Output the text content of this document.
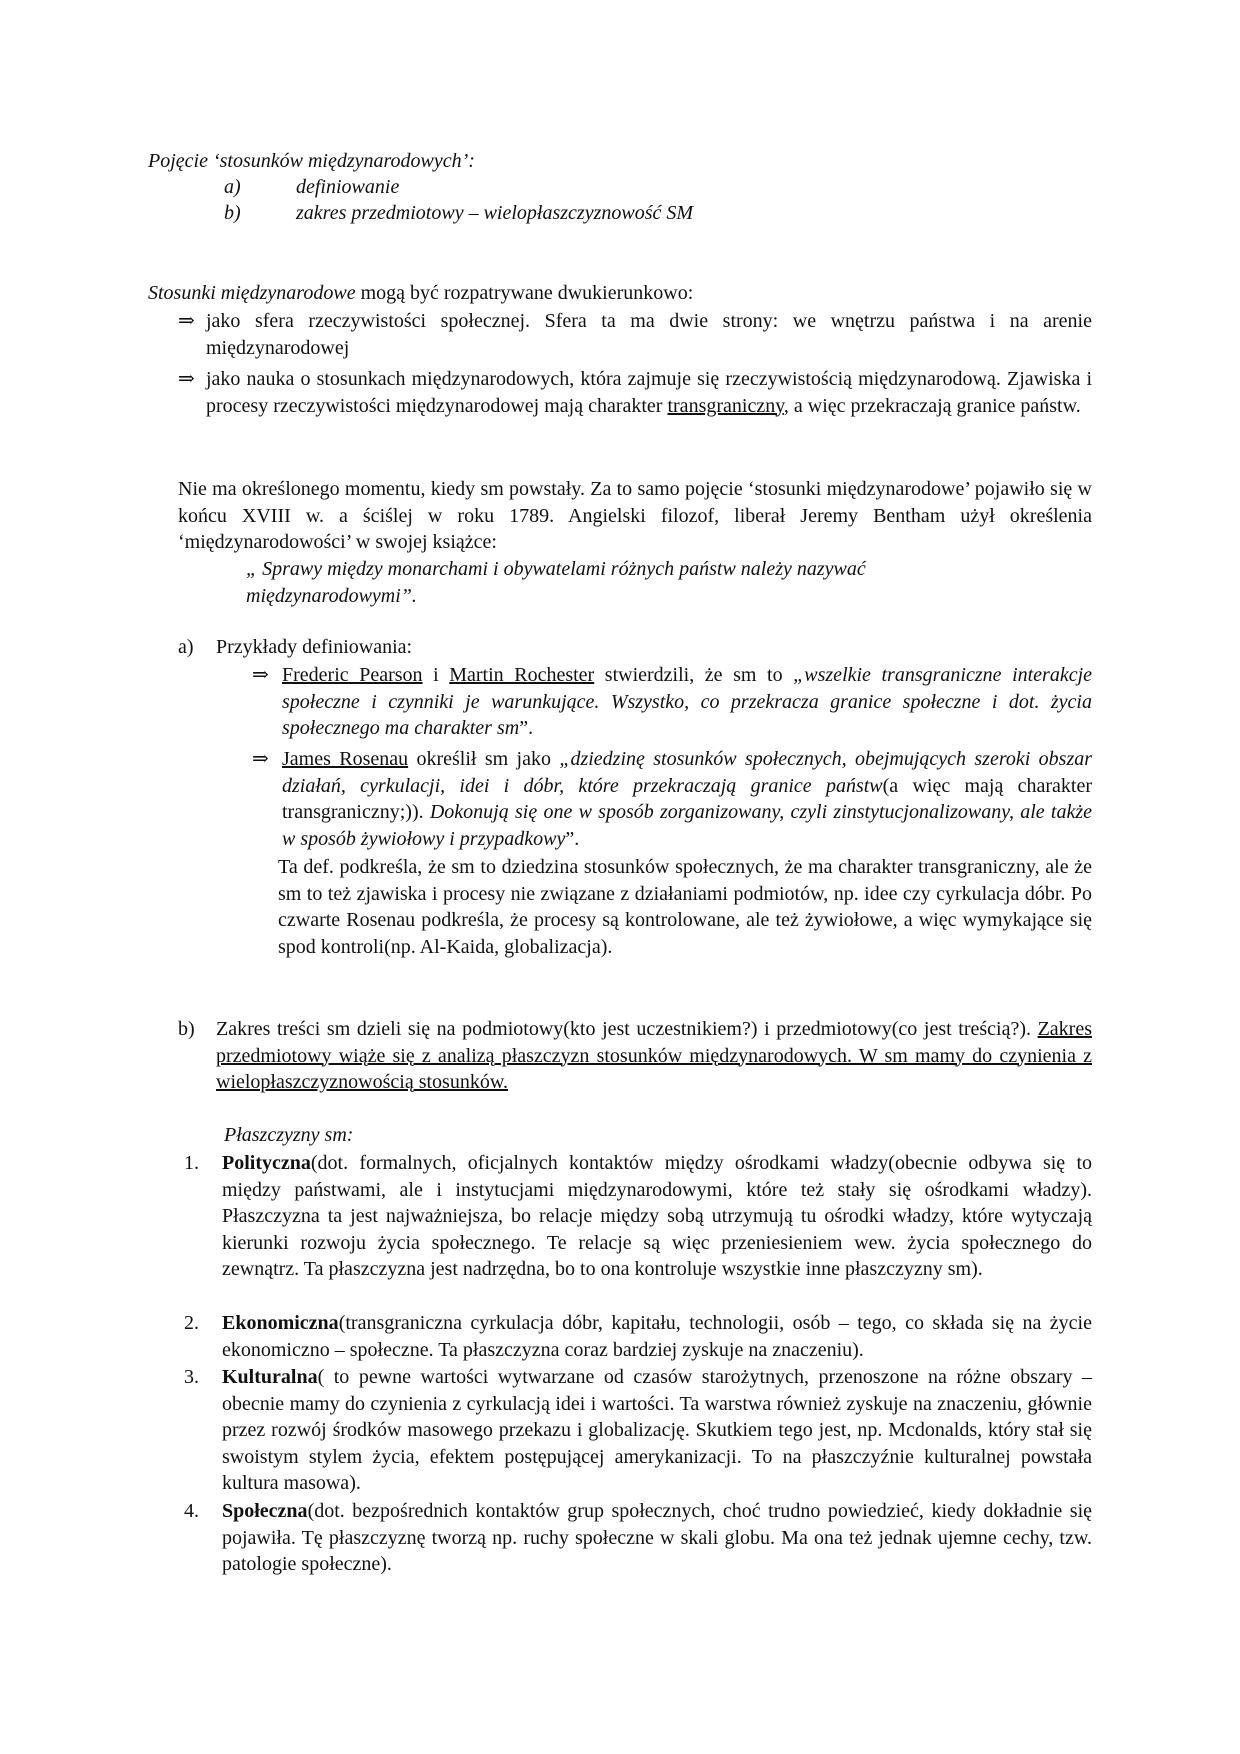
Pojęcie ‘stosunków międzynarodowych’:

a)	definiowanie
b)	zakres przedmiotowy – wielopłaszczyznowość SM

Stosunki międzynarodowe mogą być rozpatrywane dwukierunkowo:

⇒ jako sfera rzeczywistości społecznej. Sfera ta ma dwie strony: we wnętrzu państwa i na arenie międzynarodowej

⇒ jako nauka o stosunkach międzynarodowych, która zajmuje się rzeczywistością międzynarodową. Zjawiska i procesy rzeczywistości międzynarodowej mają charakter transgraniczny, a więc przekraczają granice państw.

Nie ma określonego momentu, kiedy sm powstały. Za to samo pojęcie ‘stosunki międzynarodowe’ pojawiło się w końcu XVIII w. a ściślej w roku 1789. Angielski filozof, liberał Jeremy Bentham użył określenia ‘międzynarodowości’ w swojej książce:

„ Sprawy między monarchami i obywatelami różnych państw należy nazywać międzynarodowymi”.

a) Przykłady definiowania:
⇒ Frederic Pearson i Martin Rochester stwierdzili, że sm to „wszelkie transgraniczne interakcje społeczne i czynniki je warunkujące. Wszystko, co przekracza granice społeczne i dot. życia społecznego ma charakter sm”.

⇒ James Rosenau określił sm jako „dziedzinę stosunków społecznych, obejmujących szeroki obszar działań, cyrkulacji, idei i dóbr, które przekraczają granice państw(a więc mają charakter transgraniczny;)). Dokonują się one w sposób zorganizowany, czyli zinstytucjonalizowany, ale także w sposób żywiołowy i przypadkowy”.

Ta def. podkreśla, że sm to dziedzina stosunków społecznych, że ma charakter transgraniczny, ale że sm to też zjawiska i procesy nie związane z działaniami podmiotów, np. idee czy cyrkulacja dóbr. Po czwarte Rosenau podkreśla, że procesy są kontrolowane, ale też żywiołowe, a więc wymykające się spod kontroli(np. Al-Kaida, globalizacja).

b) Zakres treści sm dzieli się na podmiotowy(kto jest uczestnikiem?) i przedmiotowy(co jest treścią?). Zakres przedmiotowy wiąże się z analizą płaszczyzn stosunków międzynarodowych. W sm mamy do czynienia z wielopłaszczyznowością stosunków.

Płaszczyzny sm:

1. Polityczna(dot. formalnych, oficjalnych kontaktów między ośrodkami władzy(obecnie odbywa się to między państwami, ale i instytucjami międzynarodowymi, które też stały się ośrodkami władzy). Płaszczyzna ta jest najważniejsza, bo relacje między sobą utrzymują tu ośrodki władzy, które wytyczają kierunki rozwoju życia społecznego. Te relacje są więc przeniesieniem wew. życia społecznego do zewnątrz. Ta płaszczyzna jest nadrzędna, bo to ona kontroluje wszystkie inne płaszczyzny sm).

2. Ekonomiczna(transgraniczna cyrkulacja dóbr, kapitału, technologii, osób – tego, co składa się na życie ekonomiczno – społeczne. Ta płaszczyzna coraz bardziej zyskuje na znaczeniu).

3. Kulturalna( to pewne wartości wytwarzane od czasów starożytnych, przenoszone na różne obszary – obecnie mamy do czynienia z cyrkulacją idei i wartości. Ta warstwa również zyskuje na znaczeniu, głównie przez rozwój środków masowego przekazu i globalizację. Skutkiem tego jest, np. Mcdonalds, który stał się swoistym stylem życia, efektem postępującej amerykanizacji. To na płaszczyźnie kulturalnej powstała kultura masowa).

4. Społeczna(dot. bezpośrednich kontaktów grup społecznych, choć trudno powiedzieć, kiedy dokładnie się pojawiła. Tę płaszczyznę tworzą np. ruchy społeczne w skali globu. Ma ona też jednak ujemne cechy, tzw. patologie społeczne).
